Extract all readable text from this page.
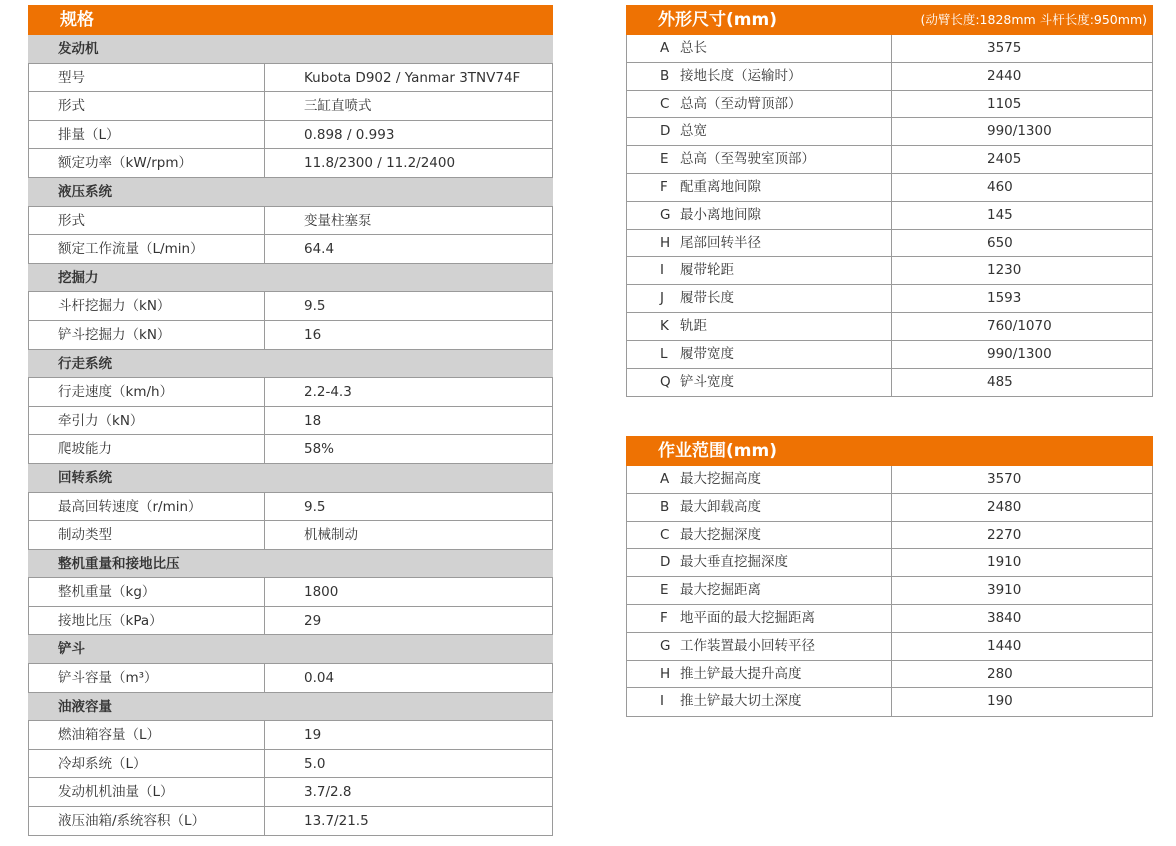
规格
发动机
型号	Kubota D902 / Yanmar 3TNV74F
形式	三缸直喷式
排量（L）	0.898 / 0.993
额定功率（kW/rpm）	11.8/2300 / 11.2/2400
液压系统
形式	变量柱塞泵
额定工作流量（L/min）	64.4
挖掘力
斗杆挖掘力（kN）	9.5
铲斗挖掘力（kN）	16
行走系统
行走速度（km/h）	2.2-4.3
牵引力（kN）	18
爬坡能力	58%
回转系统
最高回转速度（r/min）	9.5
制动类型	机械制动
整机重量和接地比压
整机重量（kg）	1800
接地比压（kPa）	29
铲斗
铲斗容量（m³）	0.04
油液容量
燃油箱容量（L）	19
冷却系统（L）	5.0
发动机机油量（L）	3.7/2.8
液压油箱/系统容积（L）	13.7/21.5
外形尺寸(mm)	(动臂长度:1828mm 斗杆长度:950mm)
A 总长	3575
B 接地长度（运输时）	2440
C 总高（至动臂顶部）	1105
D 总宽	990/1300
E 总高（至驾驶室顶部）	2405
F 配重离地间隙	460
G 最小离地间隙	145
H 尾部回转半径	650
I	履带轮距	1230
J	履带长度	1593
K 轨距	760/1070
L 履带宽度	990/1300
Q 铲斗宽度	485
作业范围(mm)
A 最大挖掘高度	3570
B 最大卸载高度	2480
C 最大挖掘深度	2270
D 最大垂直挖掘深度	1910
E 最大挖掘距离	3910
F 地平面的最大挖掘距离	3840
G 工作装置最小回转平径	1440
H 推土铲最大提升高度	280
I	推土铲最大切土深度	190
